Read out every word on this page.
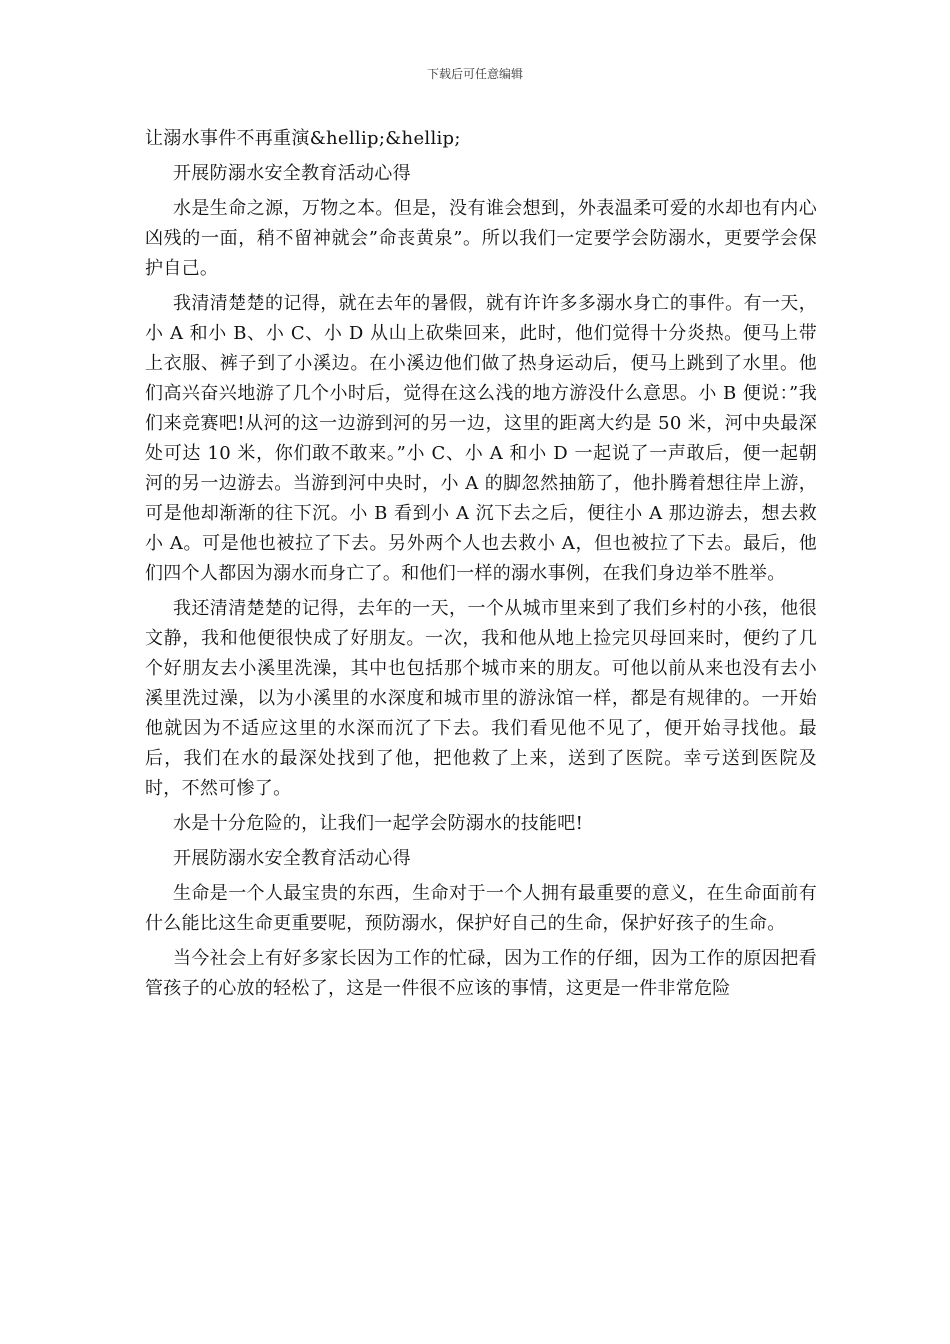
下载后可任意编辑

让溺水事件不再重演&hellip;&hellip;

开展防溺水安全教育活动心得

水是生命之源，万物之本。但是，没有谁会想到，外表温柔可爱的水却也有内心凶残的一面，稍不留神就会”命丧黄泉”。所以我们一定要学会防溺水，更要学会保护自己。

我清清楚楚的记得，就在去年的暑假，就有许许多多溺水身亡的事件。有一天，小 A 和小 B、小 C、小 D 从山上砍柴回来，此时，他们觉得十分炎热。便马上带上衣服、裤子到了小溪边。在小溪边他们做了热身运动后，便马上跳到了水里。他们高兴奋兴地游了几个小时后，觉得在这么浅的地方游没什么意思。小 B 便说：”我们来竞赛吧!从河的这一边游到河的另一边，这里的距离大约是 50 米，河中央最深处可达 10 米，你们敢不敢来。”小 C、小 A 和小 D 一起说了一声敢后，便一起朝河的另一边游去。当游到河中央时，小 A 的脚忽然抽筋了，他扑腾着想往岸上游，可是他却渐渐的往下沉。小 B 看到小 A 沉下去之后，便往小 A 那边游去，想去救小 A。可是他也被拉了下去。另外两个人也去救小 A，但也被拉了下去。最后，他们四个人都因为溺水而身亡了。和他们一样的溺水事例，在我们身边举不胜举。

我还清清楚楚的记得，去年的一天，一个从城市里来到了我们乡村的小孩，他很文静，我和他便很快成了好朋友。一次，我和他从地上捡完贝母回来时，便约了几个好朋友去小溪里洗澡，其中也包括那个城市来的朋友。可他以前从来也没有去小溪里洗过澡，以为小溪里的水深度和城市里的游泳馆一样，都是有规律的。一开始他就因为不适应这里的水深而沉了下去。我们看见他不见了，便开始寻找他。最后，我们在水的最深处找到了他，把他救了上来，送到了医院。幸亏送到医院及时，不然可惨了。

水是十分危险的，让我们一起学会防溺水的技能吧!

开展防溺水安全教育活动心得

生命是一个人最宝贵的东西，生命对于一个人拥有最重要的意义，在生命面前有什么能比这生命更重要呢，预防溺水，保护好自己的生命，保护好孩子的生命。

当今社会上有好多家长因为工作的忙碌，因为工作的仔细，因为工作的原因把看管孩子的心放的轻松了，这是一件很不应该的事情，这更是一件非常危险
